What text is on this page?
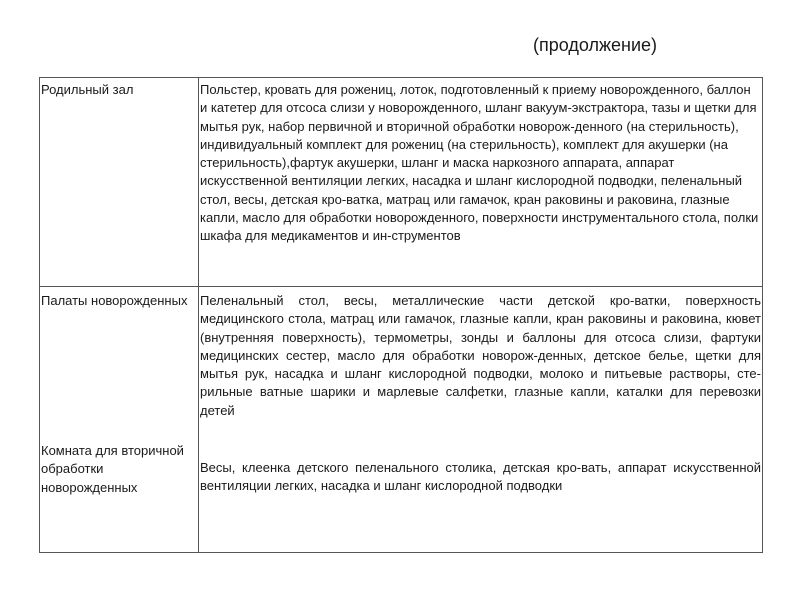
(продолжение)
Родильный зал	Польстер, кровать для рожениц, лоток, подготовленный к приему новорожденного, баллон и катетер для отсоса слизи у новорожденного, шланг вакуум-экстрактора, тазы и щетки для мытья рук, набор первичной и вторичной обработки новорож-денного (на стерильность), индивидуальный комплект для рожениц (на стерильность), комплект для акушерки (на стерильность),фартук акушерки, шланг и маска наркозного аппарата, аппарат искусственной вентиляции легких, насадка и шланг кислородной подводки, пеленальный стол, весы, детская кро-ватка, матрац или гамачок, кран раковины и раковина, глазные капли, масло для обработки новорожденного, поверхности инструментального стола, полки шкафа для медикаментов и ин-струментов
Палаты новорожденных Пеленальный стол, весы, металлические части детской кро-ватки, поверхность медицинского стола, матрац или гамачок, глазные капли, кран раковины и раковина, кювет (внутренняя поверхность), термометры, зонды и баллоны для отсоса слизи, фартуки медицинских сестер, масло для обработки новорож-денных, детское белье, щетки для мытья рук, насадка и шланг кислородной подводки, молоко и питьевые растворы, сте-рильные ватные шарики и марлевые салфетки, глазные капли, каталки для перевозки детей
Комната для вторичной обработки новорожденных
Весы, клеенка детского пеленального столика, детская кро-вать, аппарат искусственной вентиляции легких, насадка и шланг кислородной подводки
